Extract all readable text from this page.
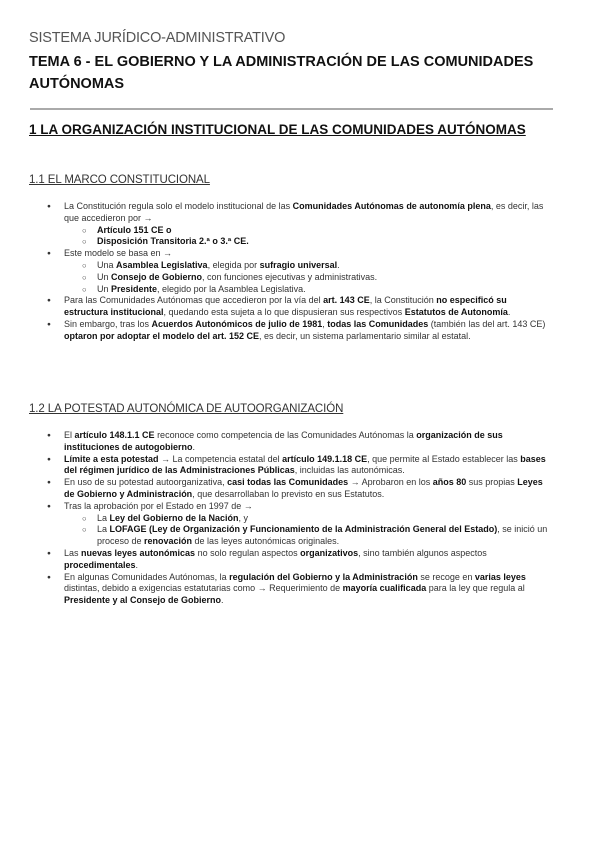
SISTEMA JURÍDICO-ADMINISTRATIVO
TEMA 6 - EL GOBIERNO Y LA ADMINISTRACIÓN DE LAS COMUNIDADES AUTÓNOMAS
1 LA ORGANIZACIÓN INSTITUCIONAL DE LAS COMUNIDADES AUTÓNOMAS
1.1 EL MARCO CONSTITUCIONAL
● La Constitución regula solo el modelo institucional de las Comunidades Autónomas de autonomía plena, es decir, las que accedieron por →
○ Artículo 151 CE o
○ Disposición Transitoria 2.ª o 3.ª CE.
● Este modelo se basa en →
○ Una Asamblea Legislativa, elegida por sufragio universal.
○ Un Consejo de Gobierno, con funciones ejecutivas y administrativas.
○ Un Presidente, elegido por la Asamblea Legislativa.
● Para las Comunidades Autónomas que accedieron por la vía del art. 143 CE, la Constitución no especificó su estructura institucional, quedando esta sujeta a lo que dispusieran sus respectivos Estatutos de Autonomía.
● Sin embargo, tras los Acuerdos Autonómicos de julio de 1981, todas las Comunidades (también las del art. 143 CE) optaron por adoptar el modelo del art. 152 CE, es decir, un sistema parlamentario similar al estatal.
1.2 LA POTESTAD AUTONÓMICA DE AUTOORGANIZACIÓN
● El artículo 148.1.1 CE reconoce como competencia de las Comunidades Autónomas la organización de sus instituciones de autogobierno.
● Límite a esta potestad → La competencia estatal del artículo 149.1.18 CE, que permite al Estado establecer las bases del régimen jurídico de las Administraciones Públicas, incluidas las autonómicas.
● En uso de su potestad autoorganizativa, casi todas las Comunidades → Aprobaron en los años 80 sus propias Leyes de Gobierno y Administración, que desarrollaban lo previsto en sus Estatutos.
● Tras la aprobación por el Estado en 1997 de →
○ La Ley del Gobierno de la Nación, y
○ La LOFAGE (Ley de Organización y Funcionamiento de la Administración General del Estado), se inició un proceso de renovación de las leyes autonómicas originales.
● Las nuevas leyes autonómicas no solo regulan aspectos organizativos, sino también algunos aspectos procedimentales.
● En algunas Comunidades Autónomas, la regulación del Gobierno y la Administración se recoge en varias leyes distintas, debido a exigencias estatutarias como → Requerimiento de mayoría cualificada para la ley que regula al Presidente y al Consejo de Gobierno.
